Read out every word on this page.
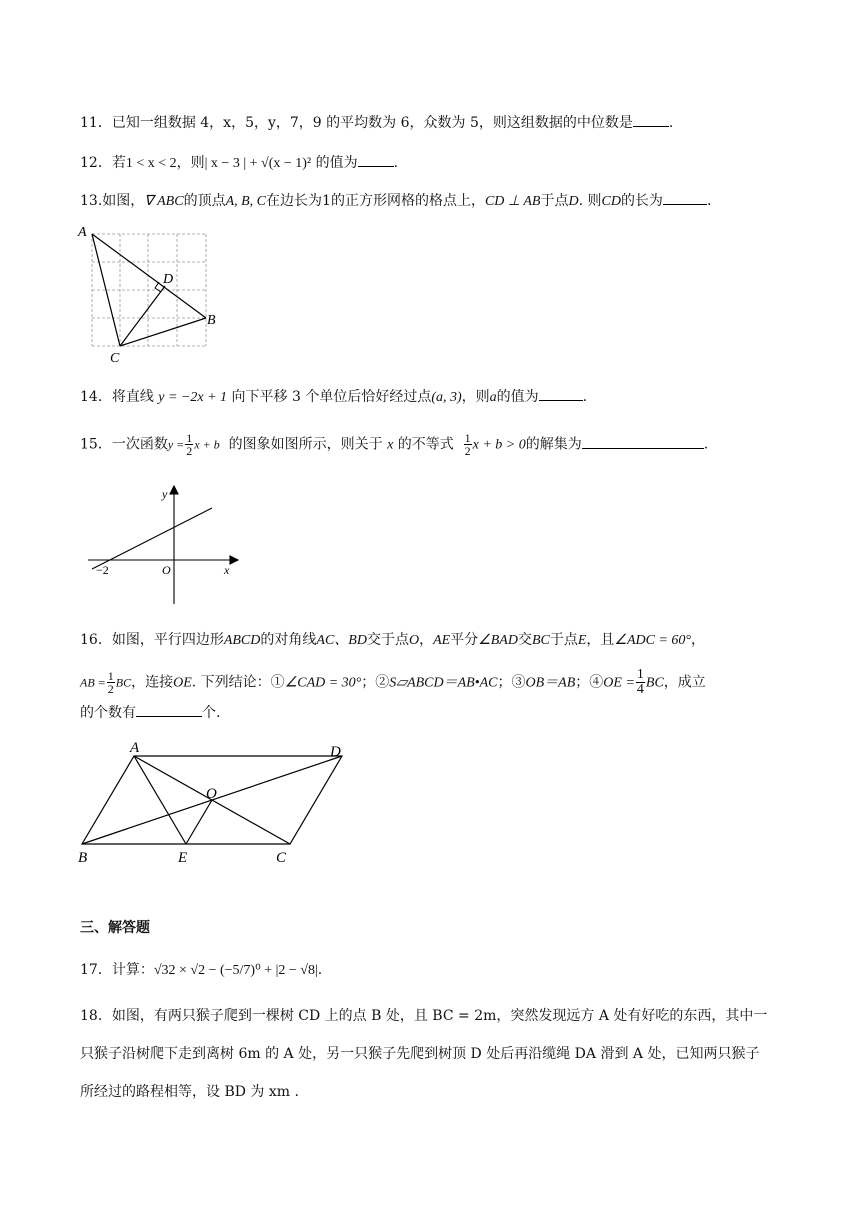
11．已知一组数据 4，x，5，y，7，9 的平均数为 6，众数为 5，则这组数据的中位数是	.
12．若1 < x < 2，则| x − 3 | + √(x − 1)² 的值为	.
13.如图，∇ ABC的顶点A, B, C在边长为1的正方形网格的格点上，CD ⊥ AB于点D. 则CD的长为	.
A
B
C
D
14．将直线 y = −2x + 1 向下平移 3 个单位后恰好经过点(a, 3)，则a的值为	.
15．一次函数$y = \frac{1}{2}$ x + b 的图象如图所示，则关于 x 的不等式 $\frac{1}{2}$ x + b > 0的解集为	.
y
x
O
−2
16．如图，平行四边形ABCD的对角线AC、BD交于点O，AE平分∠BAD交BC于点E，且∠ADC = 60°，
AB = $\frac{1}{2}$ BC，连接OE. 下列结论：①∠CAD = 30°；②S▱ABCD＝AB•AC；③OB＝AB；④OE = $\frac{1}{4}$ BC，成立
的个数有	个.
A	D
O
B	E	C
三、解答题
17．计算：√32 × √2 − (−5/7)⁰ + |2 − √8|.
18．如图，有两只猴子爬到一棵树 CD 上的点 B 处，且 BC = 2m，突然发现远方 A 处有好吃的东西，其中一
只猴子沿树爬下走到离树 6m 的 A 处，另一只猴子先爬到树顶 D 处后再沿缆绳 DA 滑到 A 处，已知两只猴子
所经过的路程相等，设 BD 为 xm .
